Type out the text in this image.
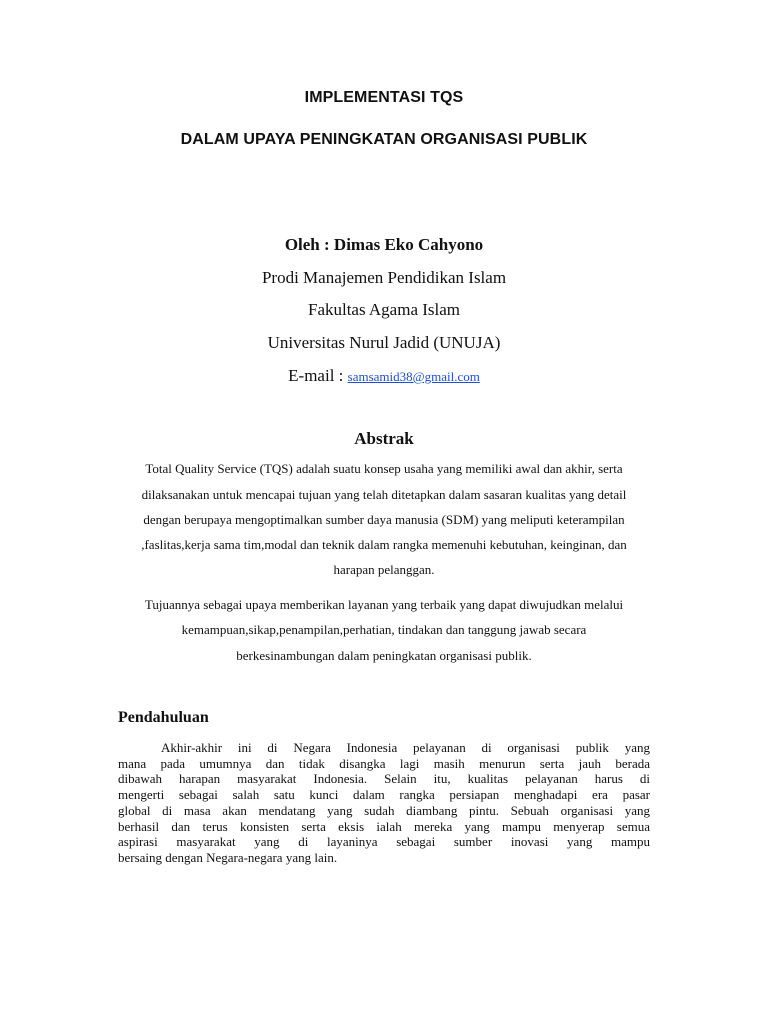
IMPLEMENTASI TQS
DALAM UPAYA PENINGKATAN ORGANISASI PUBLIK

Oleh : Dimas Eko Cahyono

Prodi Manajemen Pendidikan Islam

Fakultas Agama Islam

Universitas Nurul Jadid (UNUJA)

E-mail : samsamid38@gmail.com

Abstrak

Total Quality Service (TQS) adalah suatu konsep usaha yang memiliki awal dan akhir, serta

dilaksanakan untuk mencapai tujuan yang telah ditetapkan dalam sasaran kualitas yang detail

dengan berupaya mengoptimalkan sumber daya manusia (SDM) yang meliputi keterampilan

,faslitas,kerja sama tim,modal dan teknik dalam rangka memenuhi kebutuhan, keinginan, dan

harapan pelanggan.

Tujuannya sebagai upaya memberikan layanan yang terbaik yang dapat diwujudkan melalui

kemampuan,sikap,penampilan,perhatian, tindakan dan tanggung jawab secara

berkesinambungan dalam peningkatan organisasi publik.

Pendahuluan
Akhir-akhir ini di Negara Indonesia pelayanan di organisasi publik yang
mana pada umumnya dan tidak disangka lagi masih menurun serta jauh berada
dibawah harapan masyarakat Indonesia. Selain itu, kualitas pelayanan harus di
mengerti sebagai salah satu kunci dalam rangka persiapan menghadapi era pasar
global di masa akan mendatang yang sudah diambang pintu. Sebuah organisasi yang
berhasil dan terus konsisten serta eksis ialah mereka yang mampu menyerap semua
aspirasi masyarakat yang di layaninya sebagai sumber inovasi yang mampu
bersaing dengan Negara-negara yang lain.
